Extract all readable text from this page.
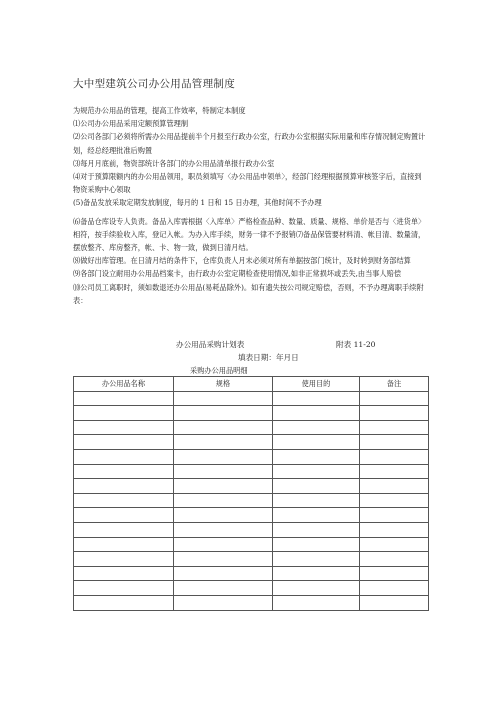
大中型建筑公司办公用品管理制度

为规范办公用品的管理，提高工作效率，特制定本制度

⑴公司办公用品采用定额预算管理制

⑵公司各部门必须将所需办公用品提前半个月报至行政办公室，行政办公室根据实际用量和库存情况制定购置计划，经总经理批准后购置

⑶每月月底前，物资部统计各部门的办公用品清单报行政办公室

⑷对于预算限额内的办公用品领用，职员须填写〈办公用品申领单〉，经部门经理根据预算审核签字后，直接到物资采购中心领取

(5)备品发放采取定期发放制度，每月的 1 日和 15 日办理，其他时间不予办理

⑹备品仓库设专人负责。备品入库需根据〈入库单〉严格检查品种、数量、质量、规格、单价是否与〈进货单〉相符，按手续验收入库，登记入帐。为办入库手续，财务一律不予报销⑺备品保管要材料清、帐目清、数量清，摆放整齐、库房整齐，帐、卡、物一致，做到日清月结。

⑻做好出库管理。在日清月结的条件下，仓库负责人月末必须对所有单据按部门统计，及时转到财务部结算

⑼各部门设立耐用办公用品档案卡，由行政办公室定期检查使用情况,如非正常损坏或丢失,由当事人赔偿

⑽公司员工离职时，须如数退还办公用品(易耗品除外)。如有遗失按公司规定赔偿，否则，不予办理离职手续附表：

办公用品采购计划表	附表 11-20
填表日期：年月日
采购办公用品明细
办公用品名称	规格	使用目的	备注
